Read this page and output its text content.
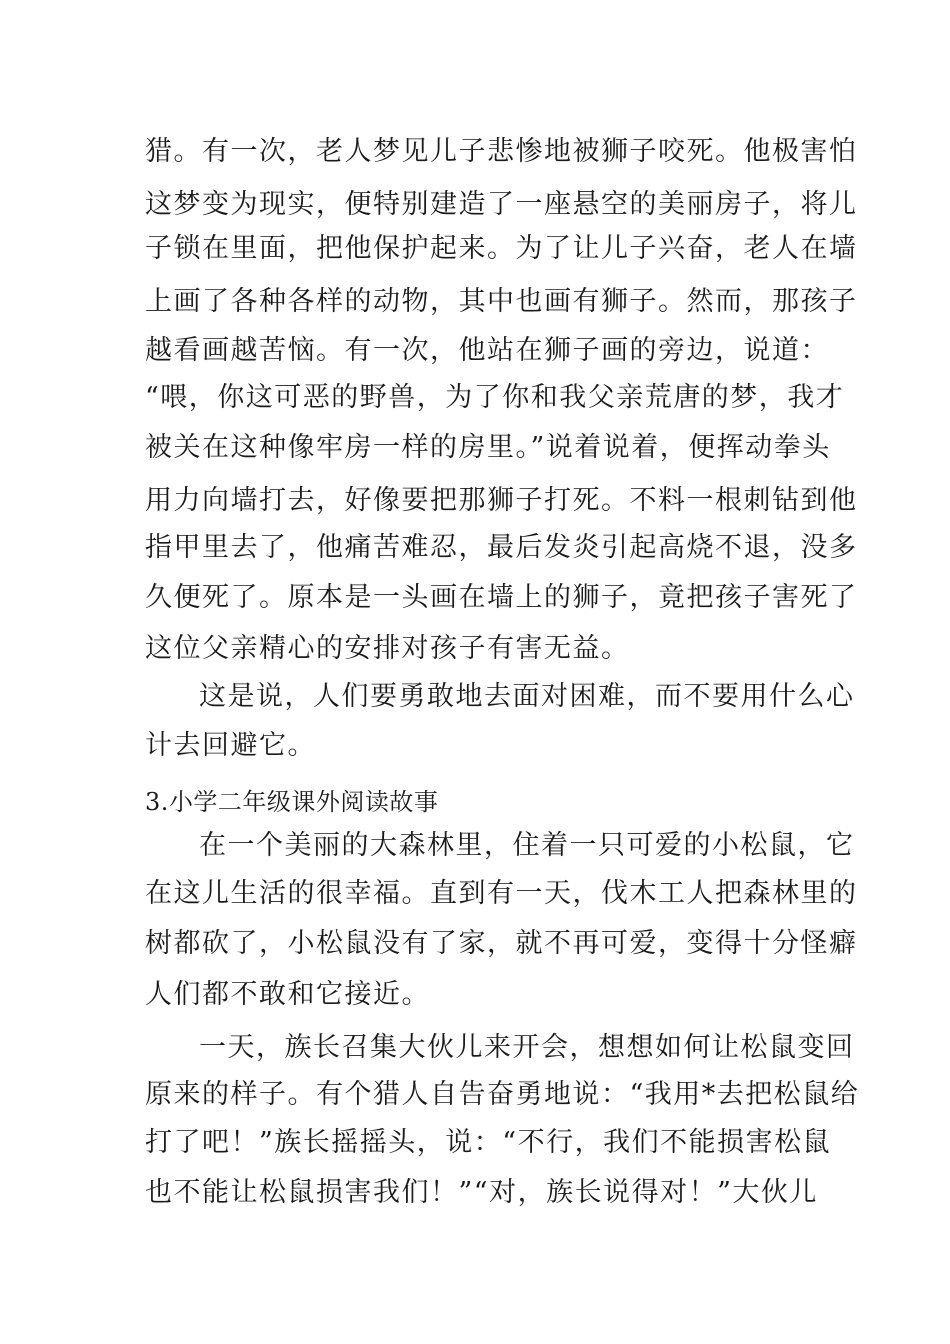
猎。有一次，老人梦见儿子悲惨地被狮子咬死。他极害怕
这梦变为现实，便特别建造了一座悬空的美丽房子，将儿
子锁在里面，把他保护起来。为了让儿子兴奋，老人在墙
上画了各种各样的动物，其中也画有狮子。然而，那孩子
越看画越苦恼。有一次，他站在狮子画的旁边，说道：
“喂，你这可恶的野兽，为了你和我父亲荒唐的梦，我才
被关在这种像牢房一样的房里。”说着说着，便挥动拳头
用力向墙打去，好像要把那狮子打死。不料一根刺钻到他
指甲里去了，他痛苦难忍，最后发炎引起高烧不退，没多
久便死了。原本是一头画在墙上的狮子，竟把孩子害死了
这位父亲精心的安排对孩子有害无益。
这是说，人们要勇敢地去面对困难，而不要用什么心
计去回避它。
3.小学二年级课外阅读故事
在一个美丽的大森林里，住着一只可爱的小松鼠，它
在这儿生活的很幸福。直到有一天，伐木工人把森林里的
树都砍了，小松鼠没有了家，就不再可爱，变得十分怪癖
人们都不敢和它接近。
一天，族长召集大伙儿来开会，想想如何让松鼠变回
原来的样子。有个猎人自告奋勇地说：“我用*去把松鼠给
打了吧！”族长摇摇头，说：“不行，我们不能损害松鼠
也不能让松鼠损害我们！”“对，族长说得对！”大伙儿
